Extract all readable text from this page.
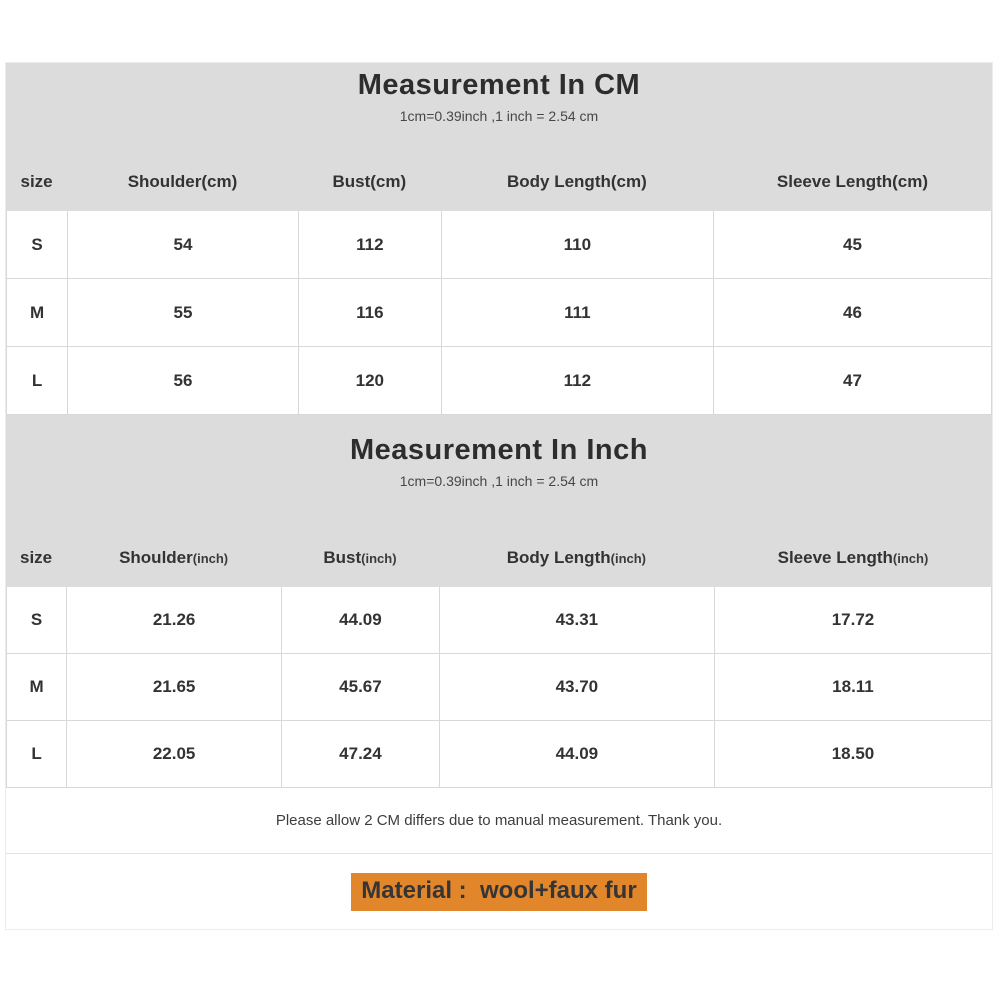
Measurement In CM
1cm=0.39inch ,1 inch = 2.54 cm
size	Shoulder(cm)	Bust(cm)	Body Length(cm)	Sleeve Length(cm)
S	54	112	110	45
M	55	116	111	46
L	56	120	112	47
Measurement In Inch
1cm=0.39inch ,1 inch = 2.54 cm
size	Shoulder (inch)	Bust (inch)	Body Length (inch)	Sleeve Length (inch)
S	21.26	44.09	43.31	17.72
M	21.65	45.67	43.70	18.11
L	22.05	47.24	44.09	18.50
Please allow 2 CM differs due to manual measurement. Thank you.
Material :  wool+faux fur
